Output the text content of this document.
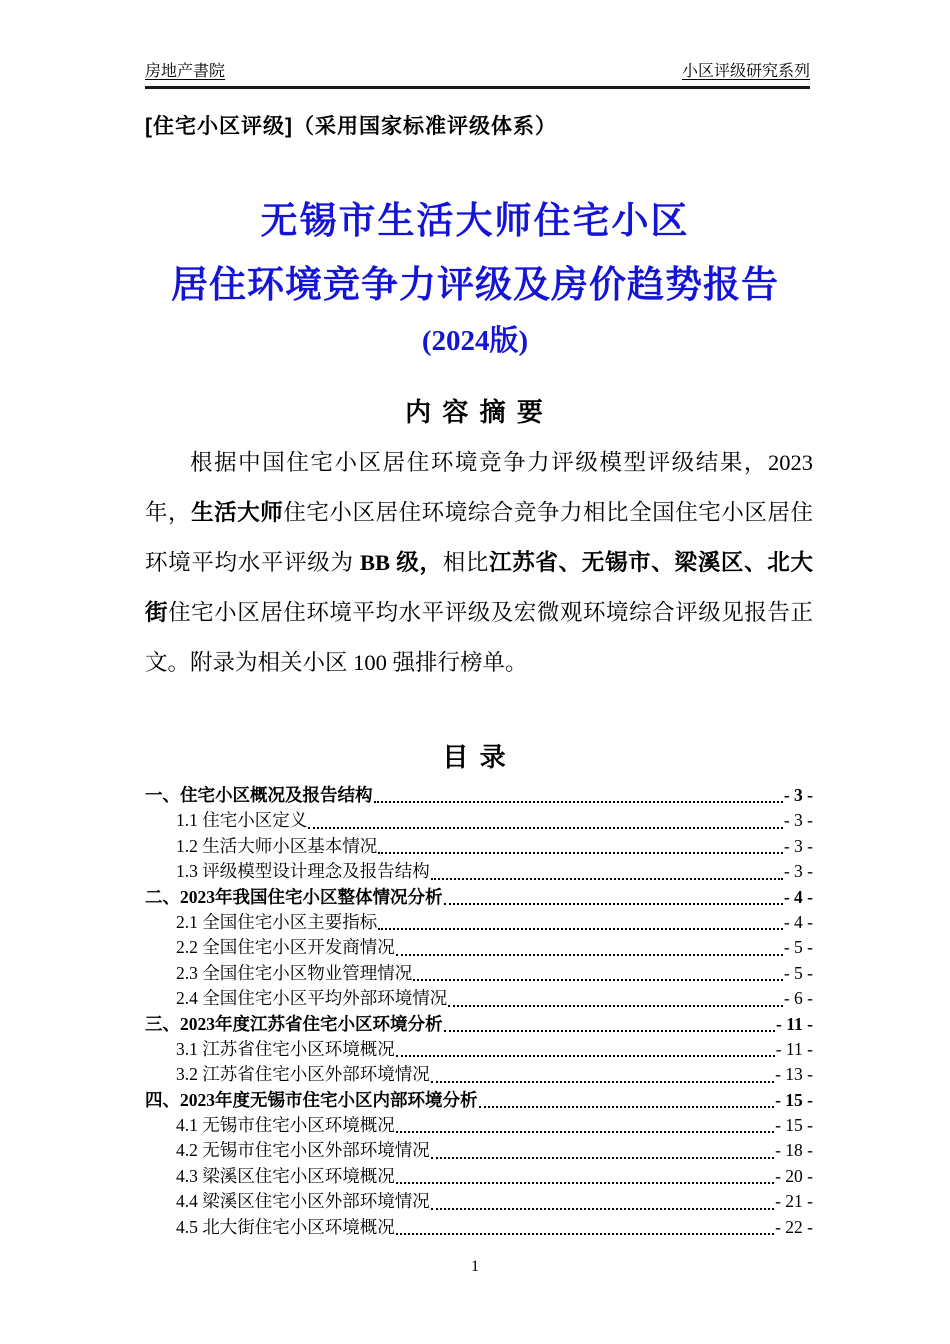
房地产書院	小区评级研究系列
[住宅小区评级]（采用国家标准评级体系）
无锡市生活大师住宅小区
居住环境竞争力评级及房价趋势报告
(2024版)
内 容 摘 要

根据中国住宅小区居住环境竞争力评级模型评级结果，2023 年，生活大师住宅小区居住环境综合竞争力相比全国住宅小区居住环境平均水平评级为 BB 级，相比江苏省、无锡市、梁溪区、北大街住宅小区居住环境平均水平评级及宏微观环境综合评级见报告正文。附录为相关小区 100 强排行榜单。

目 录
一、住宅小区概况及报告结构	- 3 -
1.1 住宅小区定义	- 3 -
1.2 生活大师小区基本情况	- 3 -
1.3 评级模型设计理念及报告结构	- 3 -
二、2023年我国住宅小区整体情况分析	- 4 -
2.1 全国住宅小区主要指标	- 4 -
2.2 全国住宅小区开发商情况	- 5 -
2.3 全国住宅小区物业管理情况	- 5 -
2.4 全国住宅小区平均外部环境情况	- 6 -
三、2023年度江苏省住宅小区环境分析	- 11 -
3.1 江苏省住宅小区环境概况	- 11 -
3.2 江苏省住宅小区外部环境情况	- 13 -
四、2023年度无锡市住宅小区内部环境分析	- 15 -
4.1 无锡市住宅小区环境概况	- 15 -
4.2 无锡市住宅小区外部环境情况	- 18 -
4.3 梁溪区住宅小区环境概况	- 20 -
4.4 梁溪区住宅小区外部环境情况	- 21 -
4.5 北大街住宅小区环境概况	- 22 -
1
